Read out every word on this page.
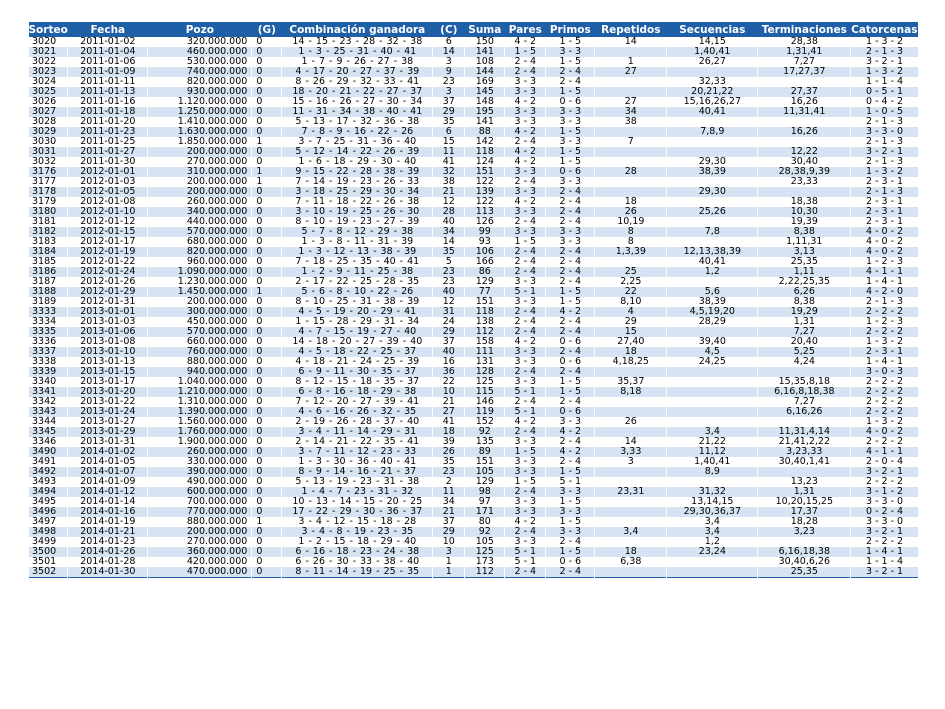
Sorteo	Fecha	Pozo	(G)	Combinación ganadora	(C)	Suma	Pares	Primos	Repetidos	Secuencias	Terminaciones	Catorcenas
3020	2011-01-02	320.000.000	0	14 - 15 - 23 - 28 - 32 - 38	6	150	4 - 2	1 - 5	14	14,15	28,38	1 - 3 - 2
3021	2011-01-04	460.000.000	0	1 - 3 - 25 - 31 - 40 - 41	14	141	1 - 5	3 - 3		1,40,41	1,31,41	2 - 1 - 3
3022	2011-01-06	530.000.000	0	1 - 7 - 9 - 26 - 27 - 38	3	108	2 - 4	1 - 5	1	26,27	7,27	3 - 2 - 1
3023	2011-01-09	740.000.000	0	4 - 17 - 20 - 27 - 37 - 39	9	144	2 - 4	2 - 4	27		17,27,37	1 - 3 - 2
3024	2011-01-11	820.000.000	0	8 - 26 - 29 - 32 - 33 - 41	23	169	3 - 3	2 - 4		32,33		1 - 1 - 4
3025	2011-01-13	930.000.000	0	18 - 20 - 21 - 22 - 27 - 37	3	145	3 - 3	1 - 5		20,21,22	27,37	0 - 5 - 1
3026	2011-01-16	1.120.000.000	0	15 - 16 - 26 - 27 - 30 - 34	37	148	4 - 2	0 - 6	27	15,16,26,27	16,26	0 - 4 - 2
3027	2011-01-18	1.250.000.000	0	11 - 31 - 34 - 38 - 40 - 41	29	195	3 - 3	3 - 3	34	40,41	11,31,41	1 - 0 - 5
3028	2011-01-20	1.410.000.000	0	5 - 13 - 17 - 32 - 36 - 38	35	141	3 - 3	3 - 3	38			2 - 1 - 3
3029	2011-01-23	1.630.000.000	0	7 - 8 - 9 - 16 - 22 - 26	6	88	4 - 2	1 - 5		7,8,9	16,26	3 - 3 - 0
3030	2011-01-25	1.850.000.000	1	3 - 7 - 25 - 31 - 36 - 40	15	142	2 - 4	3 - 3	7			2 - 1 - 3
3031	2011-01-27	200.000.000	0	5 - 12 - 14 - 22 - 26 - 39	11	118	4 - 2	1 - 5			12,22	3 - 2 - 1
3032	2011-01-30	270.000.000	0	1 - 6 - 18 - 29 - 30 - 40	41	124	4 - 2	1 - 5		29,30	30,40	2 - 1 - 3
3176	2012-01-01	310.000.000	1	9 - 15 - 22 - 28 - 38 - 39	32	151	3 - 3	0 - 6	28	38,39	28,38,9,39	1 - 3 - 2
3177	2012-01-03	200.000.000	1	7 - 14 - 19 - 23 - 26 - 33	38	122	2 - 4	3 - 3			23,33	2 - 3 - 1
3178	2012-01-05	200.000.000	0	3 - 18 - 25 - 29 - 30 - 34	21	139	3 - 3	2 - 4		29,30		2 - 1 - 3
3179	2012-01-08	260.000.000	0	7 - 11 - 18 - 22 - 26 - 38	12	122	4 - 2	2 - 4	18		18,38	2 - 3 - 1
3180	2012-01-10	340.000.000	0	3 - 10 - 19 - 25 - 26 - 30	28	113	3 - 3	2 - 4	26	25,26	10,30	2 - 3 - 1
3181	2012-01-12	440.000.000	0	8 - 10 - 19 - 23 - 27 - 39	40	126	2 - 4	2 - 4	10,19		19,39	2 - 3 - 1
3182	2012-01-15	570.000.000	0	5 - 7 - 8 - 12 - 29 - 38	34	99	3 - 3	3 - 3	8	7,8	8,38	4 - 0 - 2
3183	2012-01-17	680.000.000	0	1 - 3 - 8 - 11 - 31 - 39	14	93	1 - 5	3 - 3	8		1,11,31	4 - 0 - 2
3184	2012-01-19	820.000.000	0	1 - 3 - 12 - 13 - 38 - 39	35	106	2 - 4	2 - 4	1,3,39	12,13,38,39	3,13	4 - 0 - 2
3185	2012-01-22	960.000.000	0	7 - 18 - 25 - 35 - 40 - 41	5	166	2 - 4	2 - 4		40,41	25,35	1 - 2 - 3
3186	2012-01-24	1.090.000.000	0	1 - 2 - 9 - 11 - 25 - 38	23	86	2 - 4	2 - 4	25	1,2	1,11	4 - 1 - 1
3187	2012-01-26	1.230.000.000	0	2 - 17 - 22 - 25 - 28 - 35	23	129	3 - 3	2 - 4	2,25		2,22,25,35	1 - 4 - 1
3188	2012-01-29	1.450.000.000	1	5 - 6 - 8 - 10 - 22 - 26	40	77	5 - 1	1 - 5	22	5,6	6,26	4 - 2 - 0
3189	2012-01-31	200.000.000	0	8 - 10 - 25 - 31 - 38 - 39	12	151	3 - 3	1 - 5	8,10	38,39	8,38	2 - 1 - 3
3333	2013-01-01	300.000.000	0	4 - 5 - 19 - 20 - 29 - 41	31	118	2 - 4	4 - 2	4	4,5,19,20	19,29	2 - 2 - 2
3334	2013-01-03	450.000.000	0	1 - 15 - 28 - 29 - 31 - 34	24	138	2 - 4	2 - 4	29	28,29	1,31	1 - 2 - 3
3335	2013-01-06	570.000.000	0	4 - 7 - 15 - 19 - 27 - 40	29	112	2 - 4	2 - 4	15		7,27	2 - 2 - 2
3336	2013-01-08	660.000.000	0	14 - 18 - 20 - 27 - 39 - 40	37	158	4 - 2	0 - 6	27,40	39,40	20,40	1 - 3 - 2
3337	2013-01-10	760.000.000	0	4 - 5 - 18 - 22 - 25 - 37	40	111	3 - 3	2 - 4	18	4,5	5,25	2 - 3 - 1
3338	2013-01-13	880.000.000	0	4 - 18 - 21 - 24 - 25 - 39	16	131	3 - 3	0 - 6	4,18,25	24,25	4,24	1 - 4 - 1
3339	2013-01-15	940.000.000	0	6 - 9 - 11 - 30 - 35 - 37	36	128	2 - 4	2 - 4				3 - 0 - 3
3340	2013-01-17	1.040.000.000	0	8 - 12 - 15 - 18 - 35 - 37	22	125	3 - 3	1 - 5	35,37		15,35,8,18	2 - 2 - 2
3341	2013-01-20	1.210.000.000	0	6 - 8 - 16 - 18 - 29 - 38	10	115	5 - 1	1 - 5	8,18		6,16,8,18,38	2 - 2 - 2
3342	2013-01-22	1.310.000.000	0	7 - 12 - 20 - 27 - 39 - 41	21	146	2 - 4	2 - 4			7,27	2 - 2 - 2
3343	2013-01-24	1.390.000.000	0	4 - 6 - 16 - 26 - 32 - 35	27	119	5 - 1	0 - 6			6,16,26	2 - 2 - 2
3344	2013-01-27	1.560.000.000	0	2 - 19 - 26 - 28 - 37 - 40	41	152	4 - 2	3 - 3	26			1 - 3 - 2
3345	2013-01-29	1.760.000.000	0	3 - 4 - 11 - 14 - 29 - 31	18	92	2 - 4	4 - 2		3,4	11,31,4,14	4 - 0 - 2
3346	2013-01-31	1.900.000.000	0	2 - 14 - 21 - 22 - 35 - 41	39	135	3 - 3	2 - 4	14	21,22	21,41,2,22	2 - 2 - 2
3490	2014-01-02	260.000.000	0	3 - 7 - 11 - 12 - 23 - 33	26	89	1 - 5	4 - 2	3,33	11,12	3,23,33	4 - 1 - 1
3491	2014-01-05	330.000.000	0	1 - 3 - 30 - 36 - 40 - 41	35	151	3 - 3	2 - 4	3	1,40,41	30,40,1,41	2 - 0 - 4
3492	2014-01-07	390.000.000	0	8 - 9 - 14 - 16 - 21 - 37	23	105	3 - 3	1 - 5		8,9		3 - 2 - 1
3493	2014-01-09	490.000.000	0	5 - 13 - 19 - 23 - 31 - 38	2	129	1 - 5	5 - 1			13,23	2 - 2 - 2
3494	2014-01-12	600.000.000	0	1 - 4 - 7 - 23 - 31 - 32	11	98	2 - 4	3 - 3	23,31	31,32	1,31	3 - 1 - 2
3495	2014-01-14	700.000.000	0	10 - 13 - 14 - 15 - 20 - 25	34	97	3 - 3	1 - 5		13,14,15	10,20,15,25	3 - 3 - 0
3496	2014-01-16	770.000.000	0	17 - 22 - 29 - 30 - 36 - 37	21	171	3 - 3	3 - 3		29,30,36,37	17,37	0 - 2 - 4
3497	2014-01-19	880.000.000	1	3 - 4 - 12 - 15 - 18 - 28	37	80	4 - 2	1 - 5		3,4	18,28	3 - 3 - 0
3498	2014-01-21	200.000.000	0	3 - 4 - 8 - 19 - 23 - 35	29	92	2 - 4	3 - 3	3,4	3,4	3,23	3 - 2 - 1
3499	2014-01-23	270.000.000	0	1 - 2 - 15 - 18 - 29 - 40	10	105	3 - 3	2 - 4		1,2		2 - 2 - 2
3500	2014-01-26	360.000.000	0	6 - 16 - 18 - 23 - 24 - 38	3	125	5 - 1	1 - 5	18	23,24	6,16,18,38	1 - 4 - 1
3501	2014-01-28	420.000.000	0	6 - 26 - 30 - 33 - 38 - 40	1	173	5 - 1	0 - 6	6,38		30,40,6,26	1 - 1 - 4
3502	2014-01-30	470.000.000	0	8 - 11 - 14 - 19 - 25 - 35	1	112	2 - 4	2 - 4			25,35	3 - 2 - 1
